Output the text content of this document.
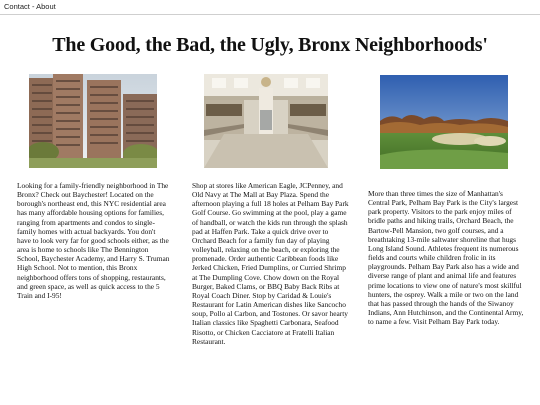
Contact - About
The Good, the Bad, the Ugly, Bronx Neighborhoods'
Looking for a family-friendly neighborhood in The Bronx? Check out Baychester! Located on the borough's northeast end, this NYC residential area has many affordable housing options for families, ranging from apartments and condos to single-family homes with actual backyards. You don't have to look very far for good schools either, as the area is home to schools like The Bennington School, Baychester Academy, and Harry S. Truman High School. Not to mention, this Bronx neighborhood offers tons of shopping, restaurants, and green space, as well as quick access to the 5 Train and I-95!
Shop at stores like American Eagle, JCPenney, and Old Navy at The Mall at Bay Plaza. Spend the afternoon playing a full 18 holes at Pelham Bay Park Golf Course. Go swimming at the pool, play a game of handball, or watch the kids run through the splash pad at Haffen Park. Take a quick drive over to Orchard Beach for a family fun day of playing volleyball, relaxing on the beach, or exploring the promenade. Order authentic Caribbean foods like Jerked Chicken, Fried Dumplins, or Curried Shrimp at The Dumpling Cove. Chow down on the Royal Burger, Baked Clams, or BBQ Baby Back Ribs at Royal Coach Diner. Stop by Caridad & Louie's Restaurant for Latin American dishes like Sancocho soup, Pollo al Carbon, and Tostones. Or savor hearty Italian classics like Spaghetti Carbonara, Seafood Risotto, or Chicken Cacciatore at Fratelli Italian Restaurant.
More than three times the size of Manhattan's Central Park, Pelham Bay Park is the City's largest park property. Visitors to the park enjoy miles of bridle paths and hiking trails, Orchard Beach, the Bartow-Pell Mansion, two golf courses, and a breathtaking 13-mile saltwater shoreline that hugs Long Island Sound. Athletes frequent its numerous fields and courts while children frolic in its playgrounds. Pelham Bay Park also has a wide and diverse range of plant and animal life and features prime locations to view one of nature's most skillful hunters, the osprey. Walk a mile or two on the land that has passed through the hands of the Siwanoy Indians, Ann Hutchinson, and the Continental Army, to name a few. Visit Pelham Bay Park today.
